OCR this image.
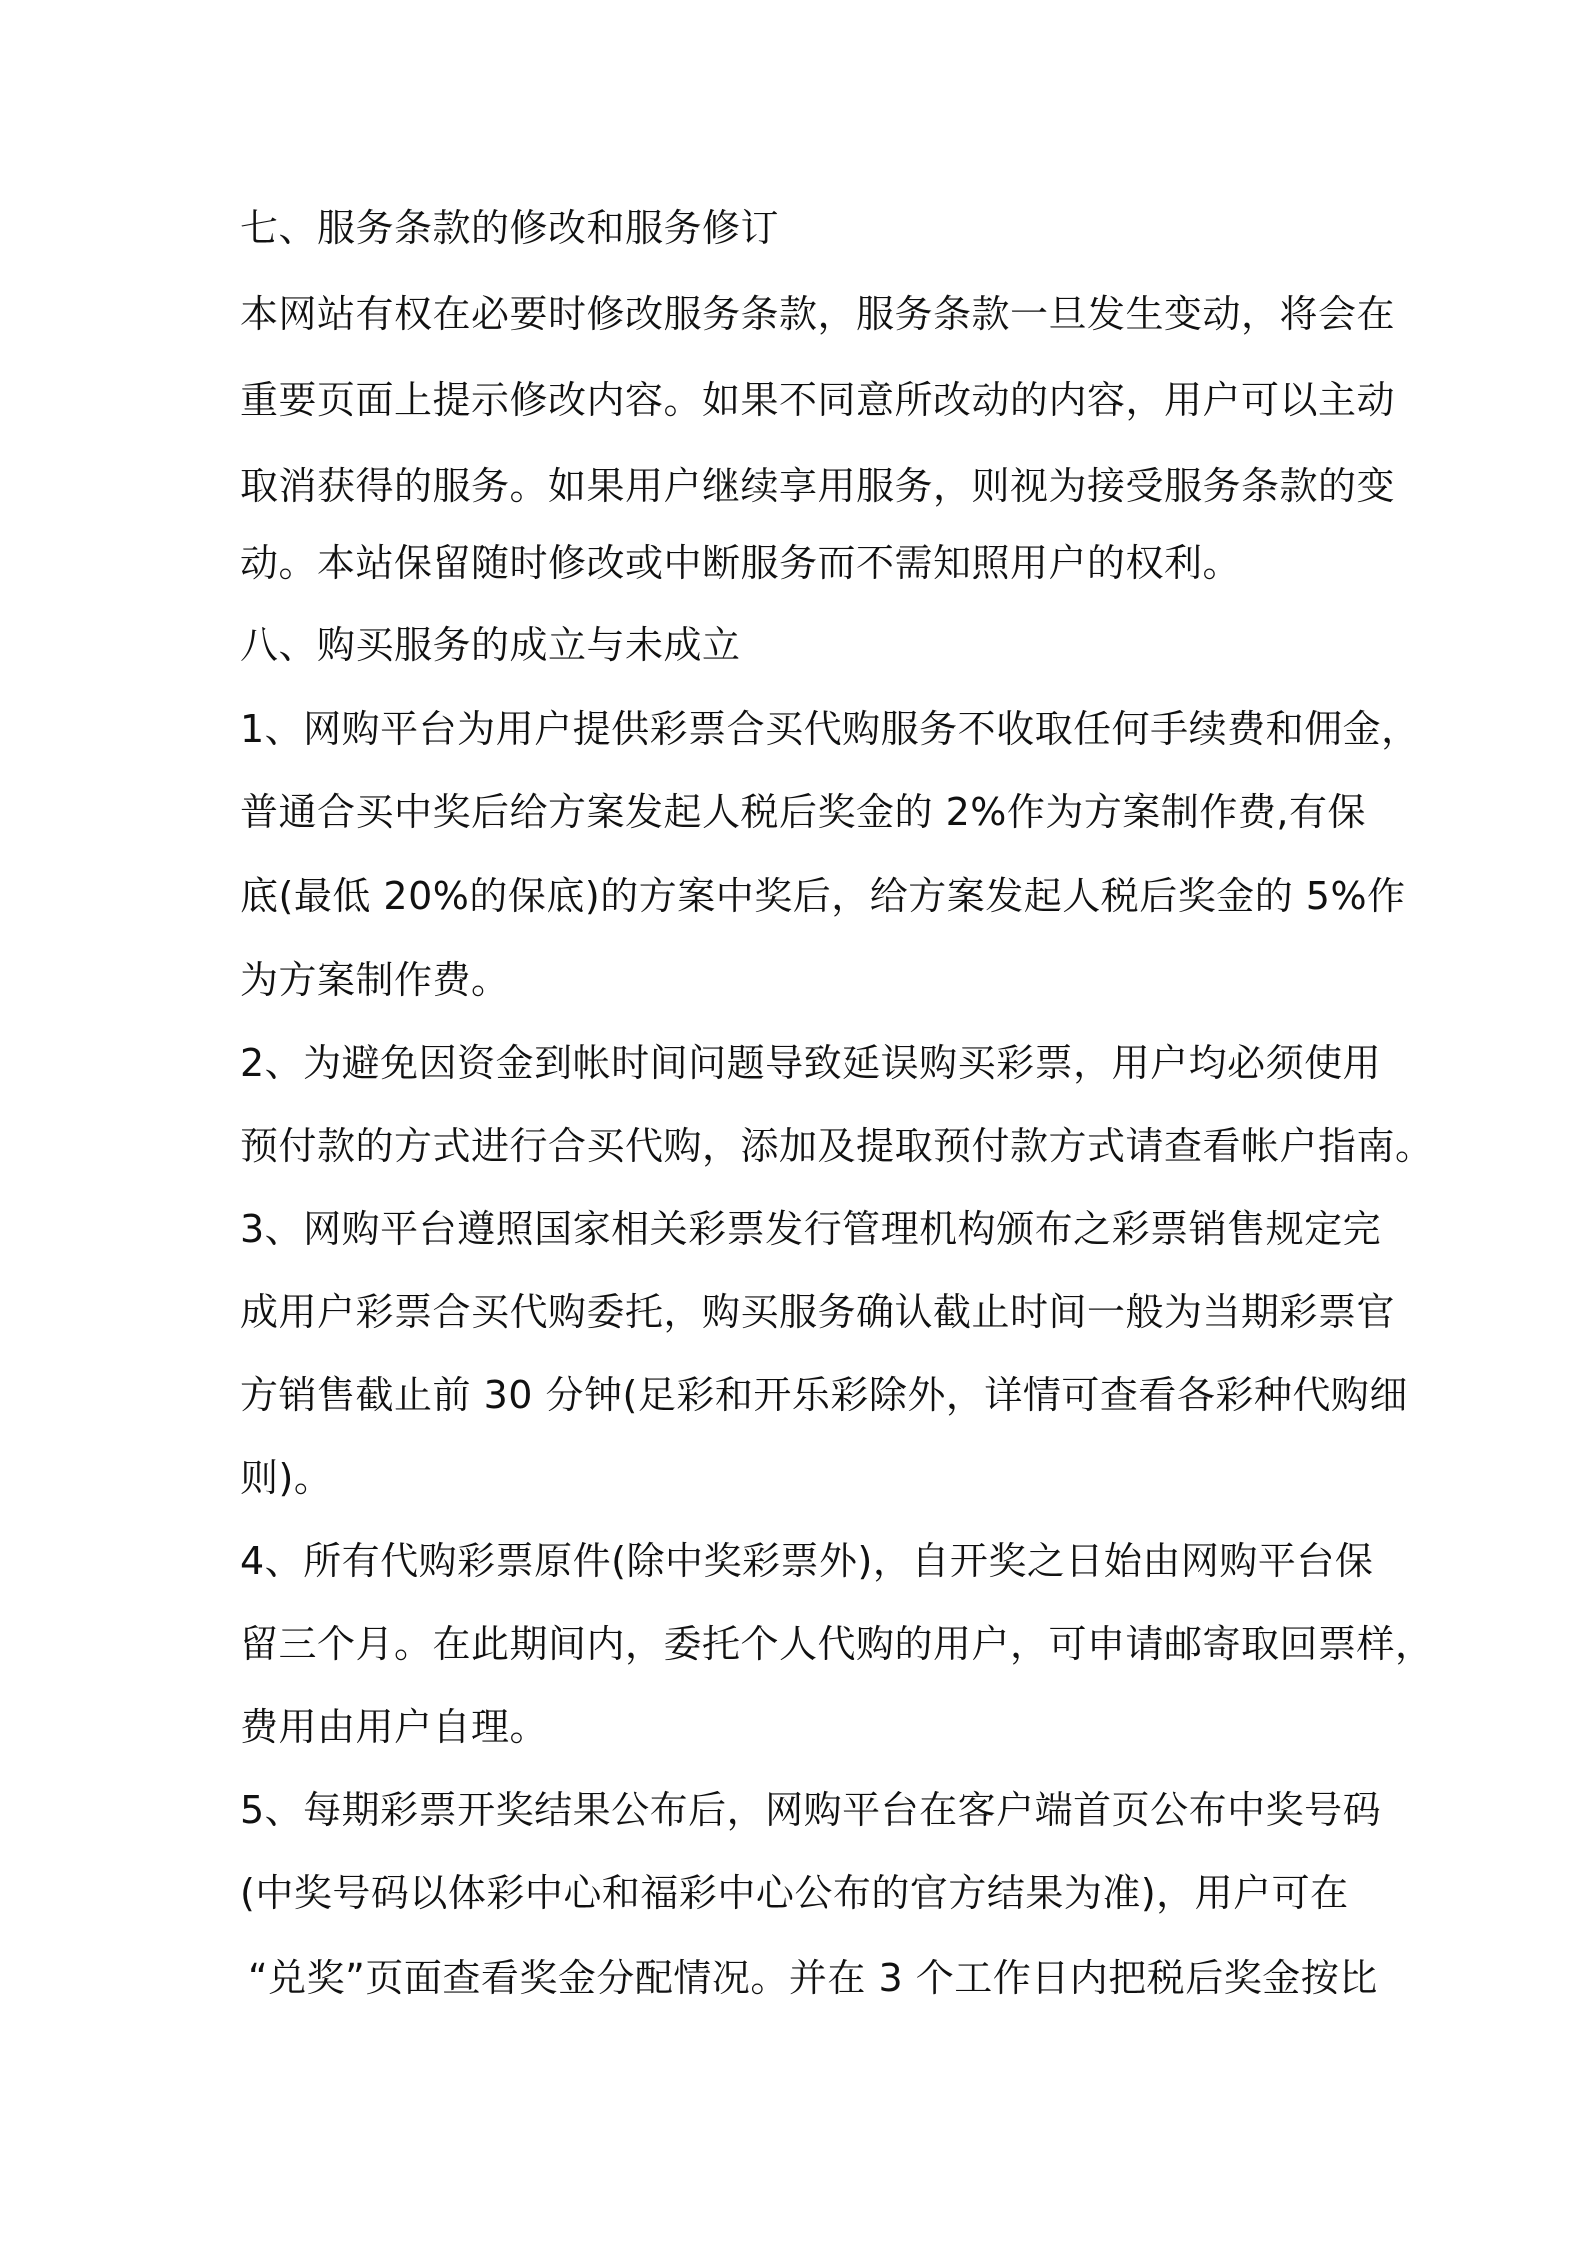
七、服务条款的修改和服务修订
本网站有权在必要时修改服务条款，服务条款一旦发生变动，将会在
重要页面上提示修改内容。如果不同意所改动的内容，用户可以主动
取消获得的服务。如果用户继续享用服务，则视为接受服务条款的变
动。本站保留随时修改或中断服务而不需知照用户的权利。
八、购买服务的成立与未成立
1、网购平台为用户提供彩票合买代购服务不收取任何手续费和佣金，
普通合买中奖后给方案发起人税后奖金的 2%作为方案制作费,有保
底(最低 20%的保底)的方案中奖后，给方案发起人税后奖金的 5%作
为方案制作费。
2、为避免因资金到帐时间问题导致延误购买彩票，用户均必须使用
预付款的方式进行合买代购，添加及提取预付款方式请查看帐户指南。
3、网购平台遵照国家相关彩票发行管理机构颁布之彩票销售规定完
成用户彩票合买代购委托，购买服务确认截止时间一般为当期彩票官
方销售截止前 30 分钟(足彩和开乐彩除外，详情可查看各彩种代购细
则)。
4、所有代购彩票原件(除中奖彩票外)，自开奖之日始由网购平台保
留三个月。在此期间内，委托个人代购的用户，可申请邮寄取回票样，
费用由用户自理。
5、每期彩票开奖结果公布后，网购平台在客户端首页公布中奖号码
(中奖号码以体彩中心和福彩中心公布的官方结果为准)，用户可在
“兑奖”页面查看奖金分配情况。并在 3 个工作日内把税后奖金按比
